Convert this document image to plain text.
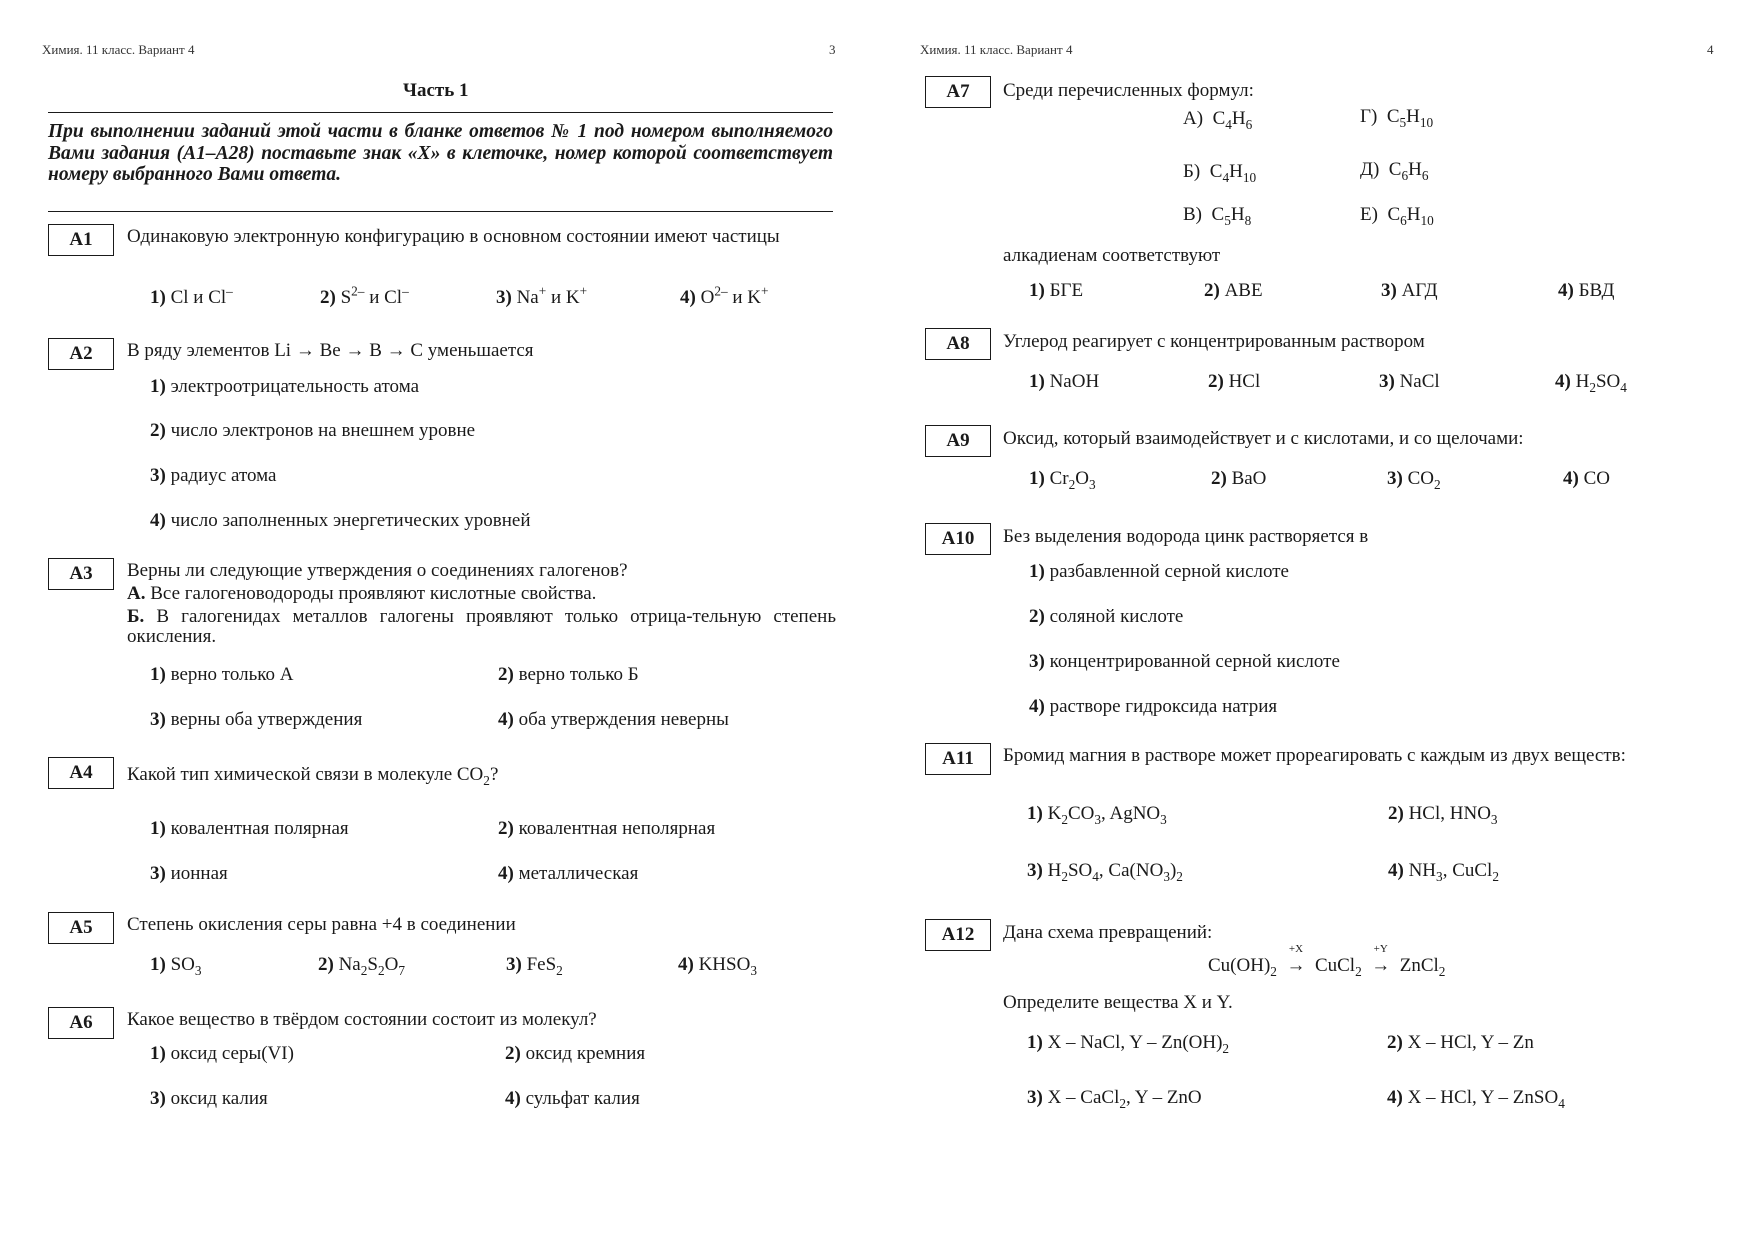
Химия. 11 класс. Вариант 4	3
Часть 1
При выполнении заданий этой части в бланке ответов № 1 под номером выполняемого Вами задания (А1–А28) поставьте знак «Х» в клеточке, номер которой соответствует номеру выбранного Вами ответа.
А1	Одинаковую электронную конфигурацию в основном состоянии имеют частицы
1) Cl и Cl–	2) $S^{2-}$ и Cl–	3) Na+ и K+	4) $O^{2-}$ и K+
А2	В ряду элементов Li → Be → B → C уменьшается
1) электроотрицательность атома
2) число электронов на внешнем уровне
3) радиус атома
4) число заполненных энергетических уровней
А3	Верны ли следующие утверждения о соединениях галогенов?
А. Все галогеноводороды проявляют кислотные свойства.
Б. В галогенидах металлов галогены проявляют только отрица-тельную степень окисления.
1) верно только А	2) верно только Б
3) верны оба утверждения	4) оба утверждения неверны
А4	Какой тип химической связи в молекуле $CO_2$?
1) ковалентная полярная	2) ковалентная неполярная
3) ионная	4) металлическая
А5	Степень окисления серы равна +4 в соединении
1) $SO_3$	2) $Na_2S_2O_7$	3) FeS$_2$	4) $KHSO_3$
А6	Какое вещество в твёрдом состоянии состоит из молекул?
1) оксид серы(VI)	2) оксид кремния
3) оксид калия	4) сульфат калия
Химия. 11 класс. Вариант 4	4
А7	Среди перечисленных формул:
А) $C_4H_6$	Г) $C_5H_{10}$
Б) $C_4H_{10}$	Д) $C_6H_6$
В) $C_5H_8$	Е) $C_6H_{10}$
алкадиенам соответствуют
1) БГЕ	2) АВЕ	3) АГД	4) БВД
А8	Углерод реагирует с концентрированным раствором
1) NaOH	2) HCl	3) NaCl	4) $H_2SO_4$
А9	Оксид, который взаимодействует и с кислотами, и со щелочами:
1) $Cr_2O_3$	2) BaO	3) $CO_2$	4) CO
А10	Без выделения водорода цинк растворяется в
1) разбавленной серной кислоте
2) соляной кислоте
3) концентрированной серной кислоте
4) растворе гидроксида натрия
А11	Бромид магния в растворе может прореагировать с каждым из двух веществ:
1) $K_2CO_3$, AgNO$_3$	2) HCl, $HNO_3$
3) $H_2SO_4$, $Ca(NO_3)_2$	4) $NH_3$, CuCl$_2$
А12	Дана схема превращений:
$Cu(OH)_2$
+X
→ CuCl$_2$
+Y
→ ZnCl$_2$
Определите вещества X и Y.
1) X – NaCl, Y – $Zn(OH)_2$	2) X – HCl, Y – Zn
3) X – CaCl$_2$, Y – ZnO	4) X – HCl, Y – ZnSO$_4$
